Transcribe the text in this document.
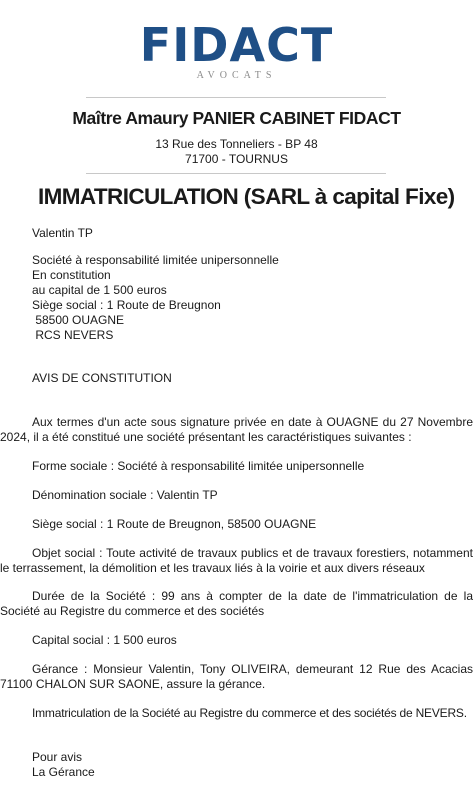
FIDACT
AVOCATS
Maître Amaury PANIER CABINET FIDACT
13 Rue des Tonneliers - BP 48
71700 - TOURNUS
IMMATRICULATION (SARL à capital Fixe)
Valentin TP
Société à responsabilité limitée unipersonnelle
En constitution
au capital de 1 500 euros
Siège social : 1 Route de Breugnon
58500 OUAGNE
RCS NEVERS
AVIS DE CONSTITUTION
Aux termes d'un acte sous signature privée en date à OUAGNE du 27 Novembre 2024, il a été constitué une société présentant les caractéristiques suivantes :
Forme sociale : Société à responsabilité limitée unipersonnelle
Dénomination sociale : Valentin TP
Siège social : 1 Route de Breugnon, 58500 OUAGNE
Objet social : Toute activité de travaux publics et de travaux forestiers, notamment le terrassement, la démolition et les travaux liés à la voirie et aux divers réseaux
Durée de la Société : 99 ans à compter de la date de l'immatriculation de la Société au Registre du commerce et des sociétés
Capital social : 1 500 euros
Gérance : Monsieur Valentin, Tony OLIVEIRA, demeurant 12 Rue des Acacias 71100 CHALON SUR SAONE, assure la gérance.
Immatriculation de la Société au Registre du commerce et des sociétés de NEVERS.
Pour avis
La Gérance
